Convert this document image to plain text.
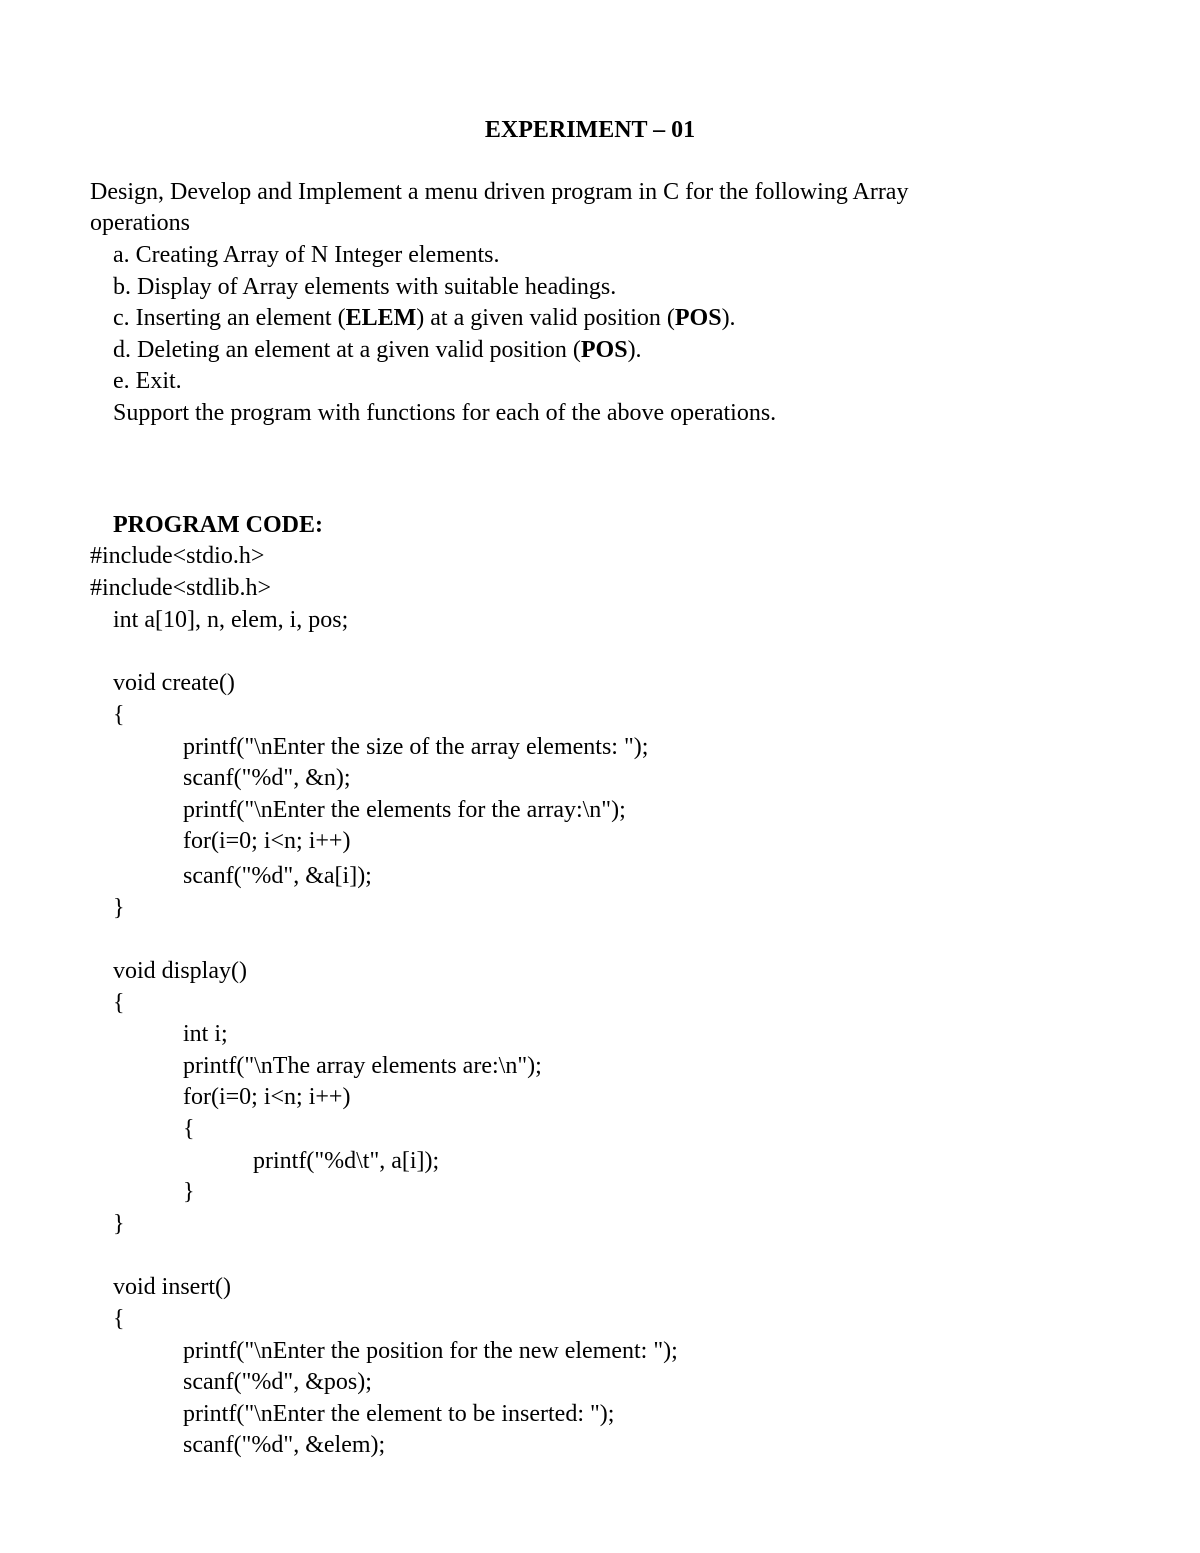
EXPERIMENT – 01
Design, Develop and Implement a menu driven program in C for the following Array
operations
a. Creating Array of N Integer elements.
b. Display of Array elements with suitable headings.
c. Inserting an element (ELEM) at a given valid position (POS).
d. Deleting an element at a given valid position (POS).
e. Exit.
Support the program with functions for each of the above operations.
PROGRAM CODE:
#include<stdio.h>
#include<stdlib.h>
int a[10], n, elem, i, pos;
void create()
{
printf("\nEnter the size of the array elements: ");
scanf("%d", &n);
printf("\nEnter the elements for the array:\n");
for(i=0; i<n; i++)
scanf("%d", &a[i]);
}
void display()
{
int i;
printf("\nThe array elements are:\n");
for(i=0; i<n; i++)
{
printf("%d\t", a[i]);
}
}
void insert()
{
printf("\nEnter the position for the new element: ");
scanf("%d", &pos);
printf("\nEnter the element to be inserted: ");
scanf("%d", &elem);
